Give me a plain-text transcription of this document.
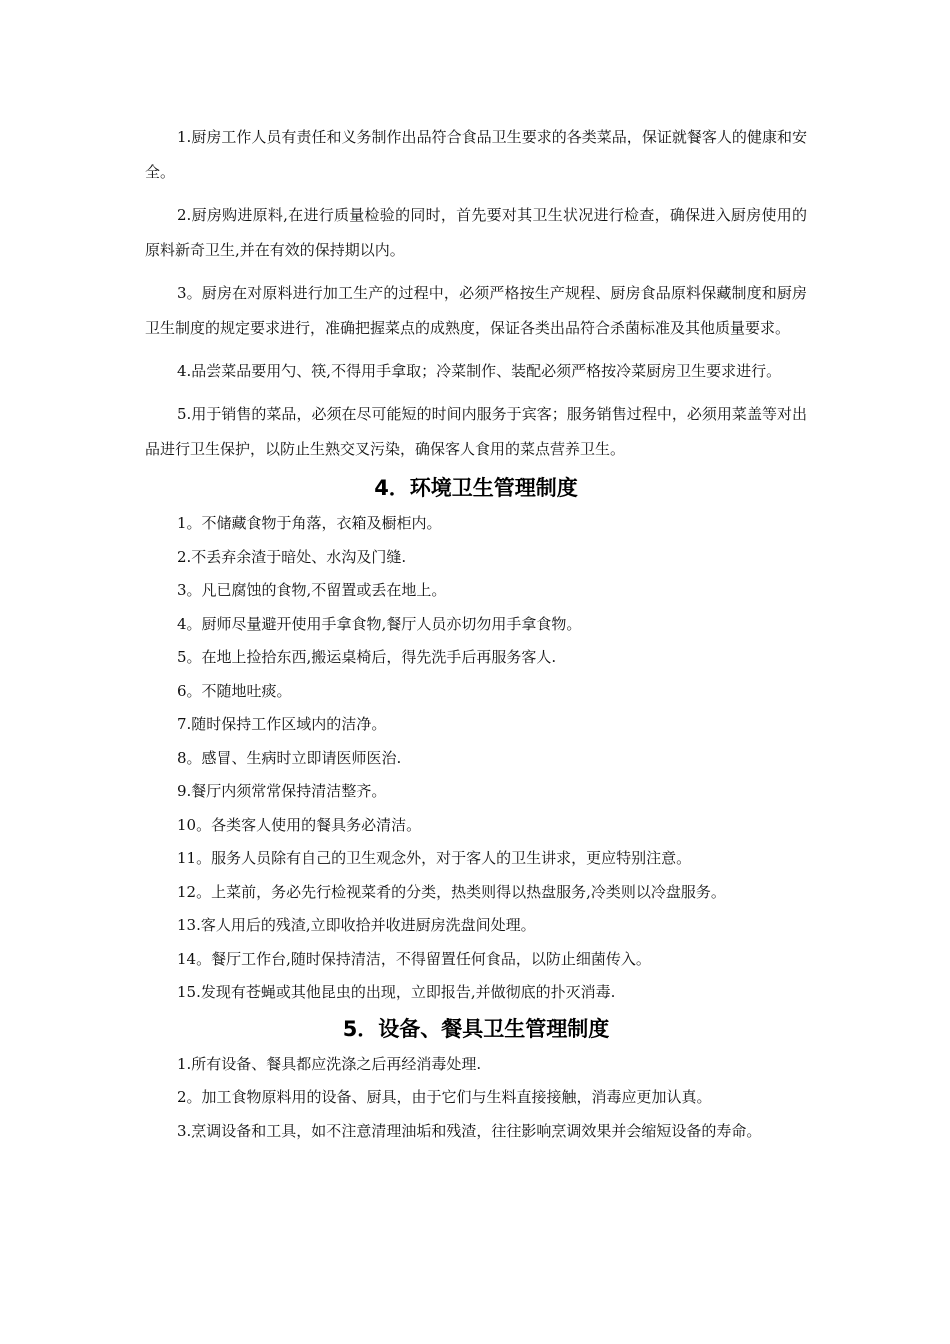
1.厨房工作人员有责任和义务制作出品符合食品卫生要求的各类菜品，保证就餐客人的健康和安全。

2.厨房购进原料,在进行质量检验的同时，首先要对其卫生状况进行检查，确保进入厨房使用的原料新奇卫生,并在有效的保持期以内。

3。厨房在对原料进行加工生产的过程中，必须严格按生产规程、厨房食品原料保藏制度和厨房卫生制度的规定要求进行，准确把握菜点的成熟度，保证各类出品符合杀菌标准及其他质量要求。

4.品尝菜品要用勺、筷,不得用手拿取；冷菜制作、装配必须严格按冷菜厨房卫生要求进行。

5.用于销售的菜品，必须在尽可能短的时间内服务于宾客；服务销售过程中，必须用菜盖等对出品进行卫生保护，以防止生熟交叉污染，确保客人食用的菜点营养卫生。

4．环境卫生管理制度

1。不储藏食物于角落，衣箱及橱柜内。

2.不丢弃余渣于暗处、水沟及门缝.

3。凡已腐蚀的食物,不留置或丢在地上。

4。厨师尽量避开使用手拿食物,餐厅人员亦切勿用手拿食物。

5。在地上捡拾东西,搬运桌椅后，得先洗手后再服务客人.

6。不随地吐痰。

7.随时保持工作区域内的洁净。

8。感冒、生病时立即请医师医治.

9.餐厅内须常常保持清洁整齐。

10。各类客人使用的餐具务必清洁。

11。服务人员除有自己的卫生观念外，对于客人的卫生讲求，更应特别注意。

12。上菜前，务必先行检视菜肴的分类，热类则得以热盘服务,冷类则以冷盘服务。

13.客人用后的残渣,立即收拾并收进厨房洗盘间处理。

14。餐厅工作台,随时保持清洁，不得留置任何食品，以防止细菌传入。

15.发现有苍蝇或其他昆虫的出现，立即报告,并做彻底的扑灭消毒.

5．设备、餐具卫生管理制度

1.所有设备、餐具都应洗涤之后再经消毒处理.

2。加工食物原料用的设备、厨具，由于它们与生料直接接触，消毒应更加认真。

3.烹调设备和工具，如不注意清理油垢和残渣，往往影响烹调效果并会缩短设备的寿命。
